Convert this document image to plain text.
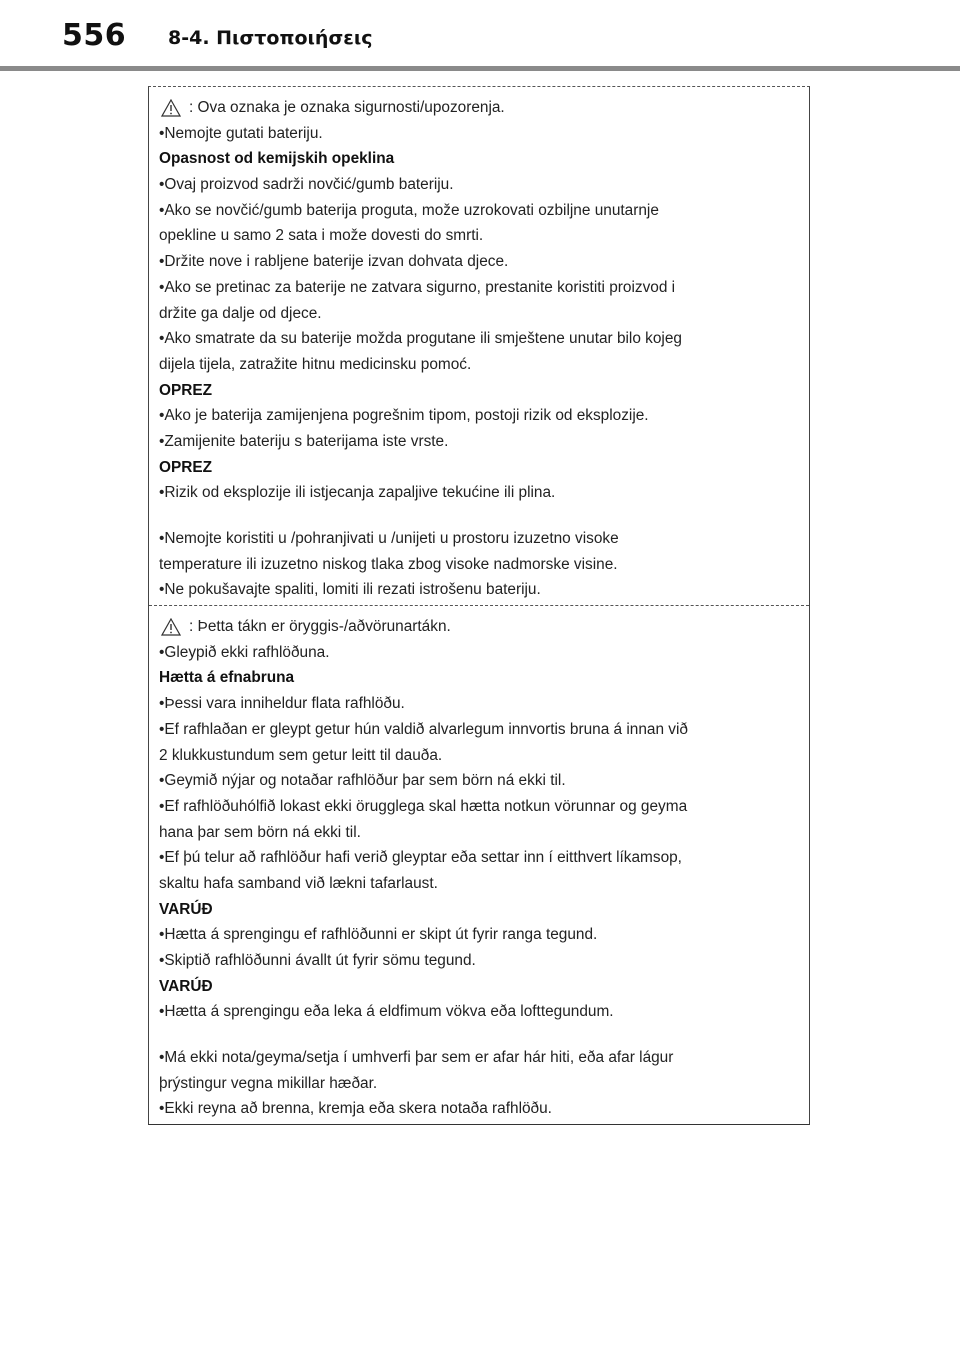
556 8-4. Πιστοποιήσεις
: Ova oznaka je oznaka sigurnosti/upozorenja.
•Nemojte gutati bateriju.
Opasnost od kemijskih opeklina
•Ovaj proizvod sadrži novčić/gumb bateriju.
•Ako se novčić/gumb baterija proguta, može uzrokovati ozbiljne unutarnje
opekline u samo 2 sata i može dovesti do smrti.
•Držite nove i rabljene baterije izvan dohvata djece.
•Ako se pretinac za baterije ne zatvara sigurno, prestanite koristiti proizvod i
držite ga dalje od djece.
•Ako smatrate da su baterije možda progutane ili smještene unutar bilo kojeg
dijela tijela, zatražite hitnu medicinsku pomoć.
OPREZ
•Ako je baterija zamijenjena pogrešnim tipom, postoji rizik od eksplozije.
•Zamijenite bateriju s baterijama iste vrste.
OPREZ
•Rizik od eksplozije ili istjecanja zapaljive tekućine ili plina.
•Nemojte koristiti u /pohranjivati u /unijeti u prostoru izuzetno visoke
temperature ili izuzetno niskog tlaka zbog visoke nadmorske visine.
•Ne pokušavajte spaliti, lomiti ili rezati istrošenu bateriju.
: Þetta tákn er öryggis-/aðvörunartákn.
•Gleypið ekki rafhlöðuna.
Hætta á efnabruna
•Þessi vara inniheldur flata rafhlöðu.
•Ef rafhlaðan er gleypt getur hún valdið alvarlegum innvortis bruna á innan við
2 klukkustundum sem getur leitt til dauða.
•Geymið nýjar og notaðar rafhlöður þar sem börn ná ekki til.
•Ef rafhlöðuhólfið lokast ekki örugglega skal hætta notkun vörunnar og geyma
hana þar sem börn ná ekki til.
•Ef þú telur að rafhlöður hafi verið gleyptar eða settar inn í eitthvert líkamsop,
skaltu hafa samband við lækni tafarlaust.
VARÚÐ
•Hætta á sprengingu ef rafhlöðunni er skipt út fyrir ranga tegund.
•Skiptið rafhlöðunni ávallt út fyrir sömu tegund.
VARÚÐ
•Hætta á sprengingu eða leka á eldfimum vökva eða lofttegundum.
•Má ekki nota/geyma/setja í umhverfi þar sem er afar hár hiti, eða afar lágur
þrýstingur vegna mikillar hæðar.
•Ekki reyna að brenna, kremja eða skera notaða rafhlöðu.
